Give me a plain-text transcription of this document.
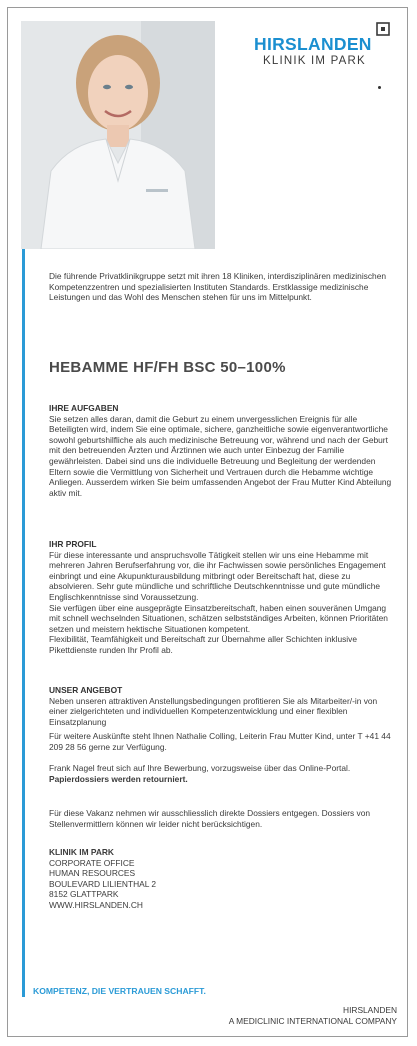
HIRSLANDEN
KLINIK IM PARK
Die führende Privatklinikgruppe setzt mit ihren 18 Kliniken, interdisziplinären medizinischen Kompetenzzentren und spezialisierten Instituten Standards. Erstklassige medizinische Leistungen und das Wohl des Menschen stehen für uns im Mittelpunkt.
HEBAMME HF/FH BSC 50–100%
IHRE AUFGABEN

Sie setzen alles daran, damit die Geburt zu einem unvergesslichen Ereignis für alle Beteiligten wird, indem Sie eine optimale, sichere, ganzheitliche sowie eigenverantwortliche sowohl geburtshilfliche als auch medizinische Betreuung vor, während und nach der Geburt mit den betreuenden Ärzten und Ärztinnen wie auch unter Einbezug der Familie gewährleisten. Dabei sind uns die individuelle Betreuung und Begleitung der werdenden Eltern sowie die Vermittlung von Sicherheit und Vertrauen durch die Hebamme wichtige Anliegen. Ausserdem wirken Sie beim umfassenden Angebot der Frau Mutter Kind Abteilung aktiv mit.

IHR PROFIL

Für diese interessante und anspruchsvolle Tätigkeit stellen wir uns eine Hebamme mit mehreren Jahren Berufserfahrung vor, die ihr Fachwissen sowie persönliches Engagement einbringt und eine Akupunkturausbildung mitbringt oder Bereitschaft hat, diese zu absolvieren. Sehr gute mündliche und schriftliche Deutschkenntnisse und gute mündliche Englischkenntnisse sind Voraussetzung.

Sie verfügen über eine ausgeprägte Einsatzbereitschaft, haben einen souveränen Umgang mit schnell wechselnden Situationen, schätzen selbstständiges Arbeiten, können Prioritäten setzen und meistern hektische Situationen kompetent.

Flexibilität, Teamfähigkeit und Bereitschaft zur Übernahme aller Schichten inklusive Pikettdienste runden Ihr Profil ab.

UNSER ANGEBOT

Neben unseren attraktiven Anstellungsbedingungen profitieren Sie als Mitarbeiter/-in von einer zielgerichteten und individuellen Kompetenzentwicklung und einer flexiblen Einsatzplanung

Für weitere Auskünfte steht Ihnen Nathalie Colling, Leiterin Frau Mutter Kind, unter T +41 44 209 28 56 gerne zur Verfügung.

Frank Nagel freut sich auf Ihre Bewerbung, vorzugsweise über das Online-Portal.

Papierdossiers werden retourniert.

Für diese Vakanz nehmen wir ausschliesslich direkte Dossiers entgegen. Dossiers von Stellenvermittlern können wir leider nicht berücksichtigen.
KLINIK IM PARK
CORPORATE OFFICE
HUMAN RESOURCES
BOULEVARD LILIENTHAL 2
8152 GLATTPARK
WWW.HIRSLANDEN.CH
KOMPETENZ, DIE VERTRAUEN SCHAFFT.
HIRSLANDEN
A MEDICLINIC INTERNATIONAL COMPANY
